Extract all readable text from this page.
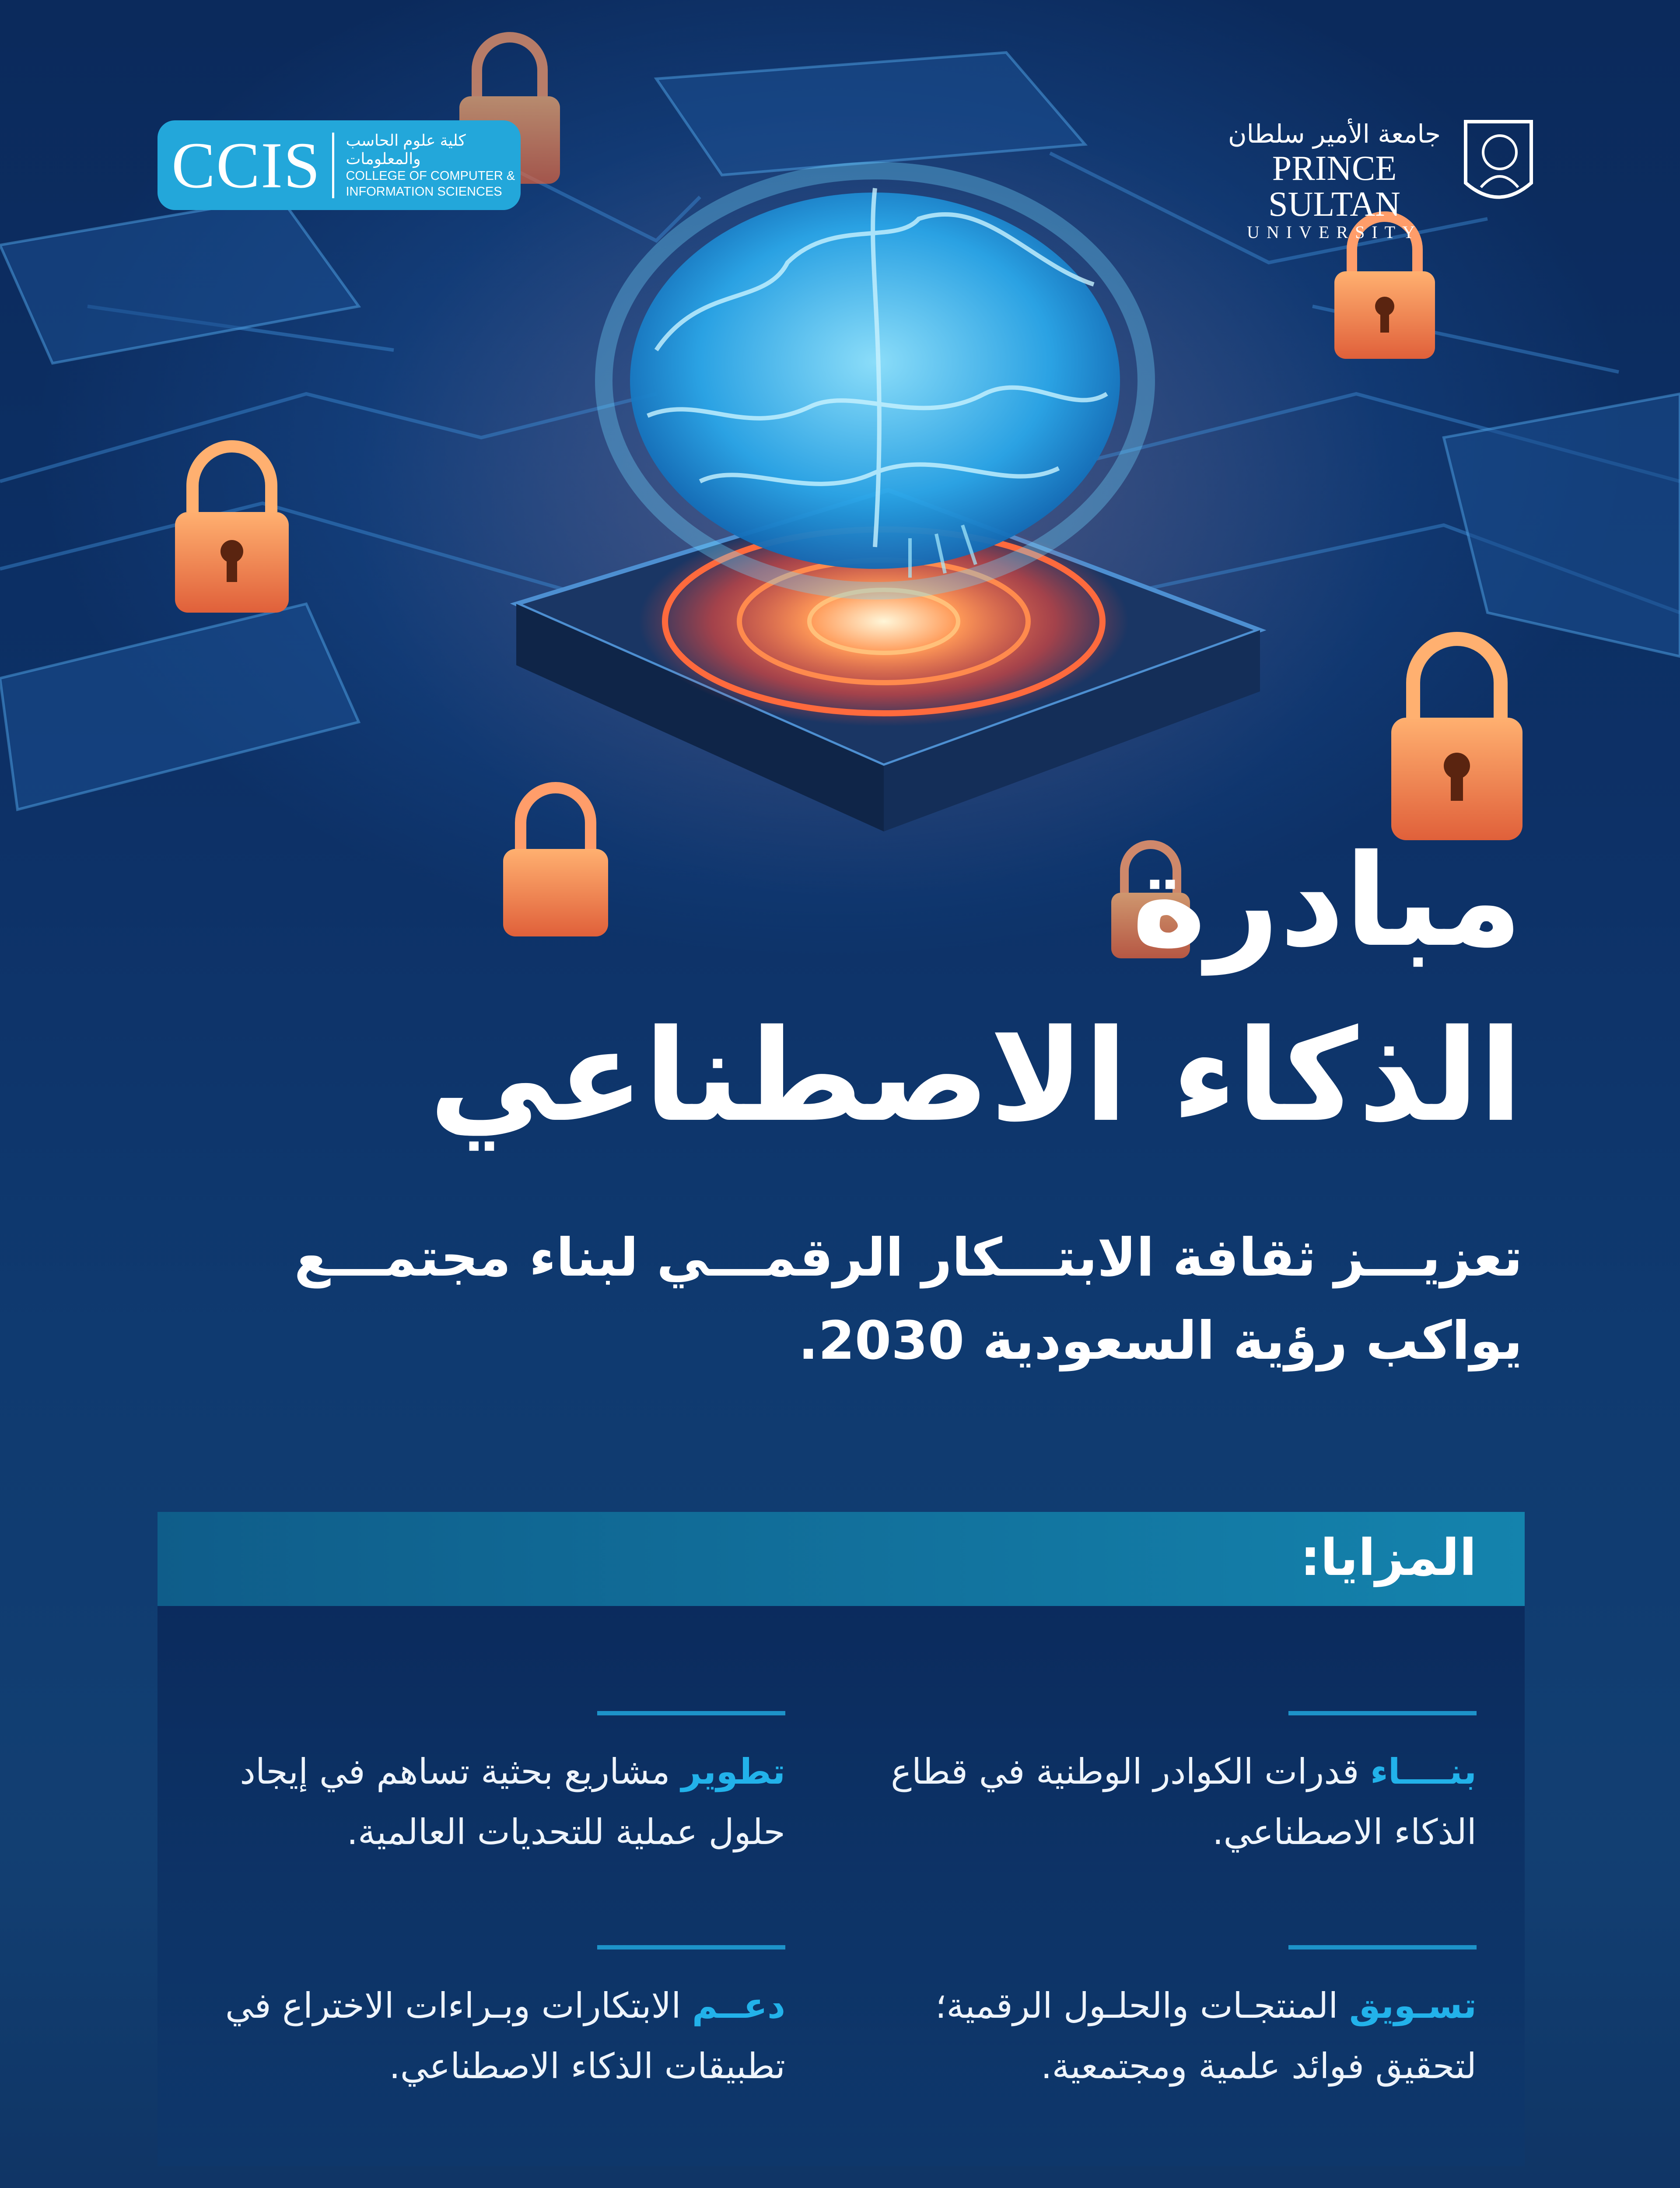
CCIS	كلية علوم الحاسب والمعلومات
COLLEGE OF COMPUTER &
INFORMATION SCIENCES
جامعة الأمير سلطان
PRINCE SULTAN
UNIVERSITY
مبادرة
الذكاء الاصطناعي
تعزيـــز ثقافة الابتـــكار الرقمـــي لبناء مجتمـــع يواكب رؤية السعودية 2030.
المزايا:
بنــــاء قدرات الكوادر الوطنية في قطاع الذكاء الاصطناعي.
تطوير مشاريع بحثية تساهم في إيجاد حلول عملية للتحديات العالمية.
تسـويق المنتجـات والحلـول الرقمية؛ لتحقيق فوائد علمية ومجتمعية.
دعــم الابتكارات وبـراءات الاختراع في تطبيقات الذكاء الاصطناعي.
